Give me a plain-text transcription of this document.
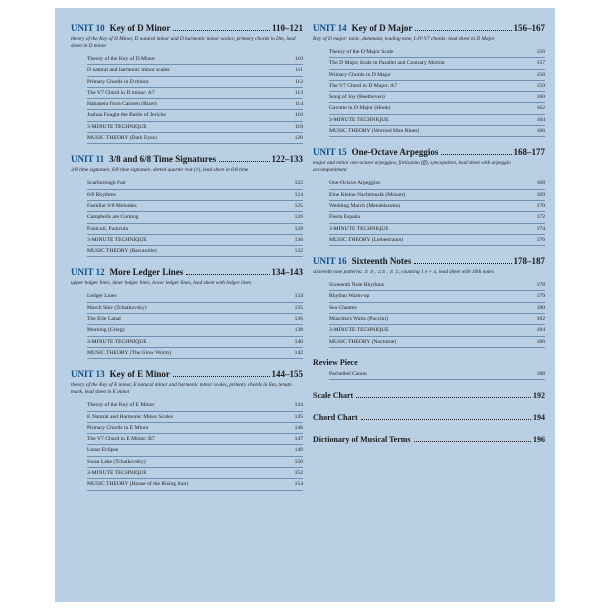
UNIT 10 Key of D Minor	110–121
theory of the Key of D Minor, D natural minor and D harmonic minor scales; primary chords in Dm, lead sheet in D minor
Theory of the Key of D Minor	110
D natural and harmonic minor scales	111
Primary Chords in D minor	112
The V7 Chord in D minor: A7	113
Habanera from Carmen (Bizet)	114
Joshua Fought the Battle of Jericho	116
3-MINUTE TECHNIQUE	118
MUSIC THEORY (Dark Eyes)	120
UNIT 11 3/8 and 6/8 Time Signatures	122–133
3/8 time signature, 6/8 time signature, dotted quarter rest (𝄽.), lead sheet in 6/8 time
Scarborough Fair	122
6/8 Rhythms	124
Familiar 6/8 Melodies	125
Campbells are Coming	126
Funiculi, Funicula	128
3-MINUTE TECHNIQUE	130
MUSIC THEORY (Barcarolle)	132
UNIT 12 More Ledger Lines	134–143
upper ledger lines, inner ledger lines, lower ledger lines, lead sheet with ledger lines
Ledger Lines	134
March Slav (Tchaikovsky)	135
The Erie Canal	136
Morning (Grieg)	138
3-MINUTE TECHNIQUE	140
MUSIC THEORY (The Glow Worm)	142
UNIT 13 Key of E Minor	144–155
theory of the Key of E minor, E natural minor and harmonic minor scales, primary chords in Em, tenuto mark, lead sheet in E minor
Theory of the Key of E Minor	144
E Natural and Harmonic Minor Scales	145
Primary Chords in E Minor	146
The V7 Chord in E Minor: B7	147
Lunar Eclipse	148
Swan Lake (Tchaikovsky)	150
3-MINUTE TECHNIQUE	152
MUSIC THEORY (House of the Rising Sun)	154
UNIT 14 Key of D Major	156–167
Key of D major: tonic, dominant, leading tone, I-IV-V7 chords; lead sheet in D Major
Theory of the D Major Scale	156
The D Major Scale in Parallel and Contrary Motion	157
Primary Chords in D Major	158
The V7 Chord in D Major: A7	159
Song of Joy (Beethoven)	160
Gavotte in D Major (Hook)	162
3-MINUTE TECHNIQUE	164
MUSIC THEORY (Worried Man Blues)	166
UNIT 15 One-Octave Arpeggios	168–177
major and minor one-octave arpeggios, fortissimo (ff), syncopation, lead sheet with arpeggio accompaniment
One-Octave Arpeggios	168
Eine Kleine Nachtmusik (Mozart)	169
Wedding March (Mendelssohn)	170
Fiesta España	172
3-MINUTE TECHNIQUE	174
MUSIC THEORY (Liebestraum)	176
UNIT 16 Sixteenth Notes	178–187
sixteenth note patterns: ♬♬, ♫♬, ♬♫, counting 1 e + a, lead sheet with 16th notes
Sixteenth Note Rhythms	178
Rhythm Warm-up	179
Sea Chantey	180
Muscitta's Waltz (Puccini)	182
3-MINUTE TECHNIQUE	184
MUSIC THEORY (Nocturne)	186
Review Piece
Pachelbel Canon	188
Scale Chart	192
Chord Chart	194
Dictionary of Musical Terms	196
